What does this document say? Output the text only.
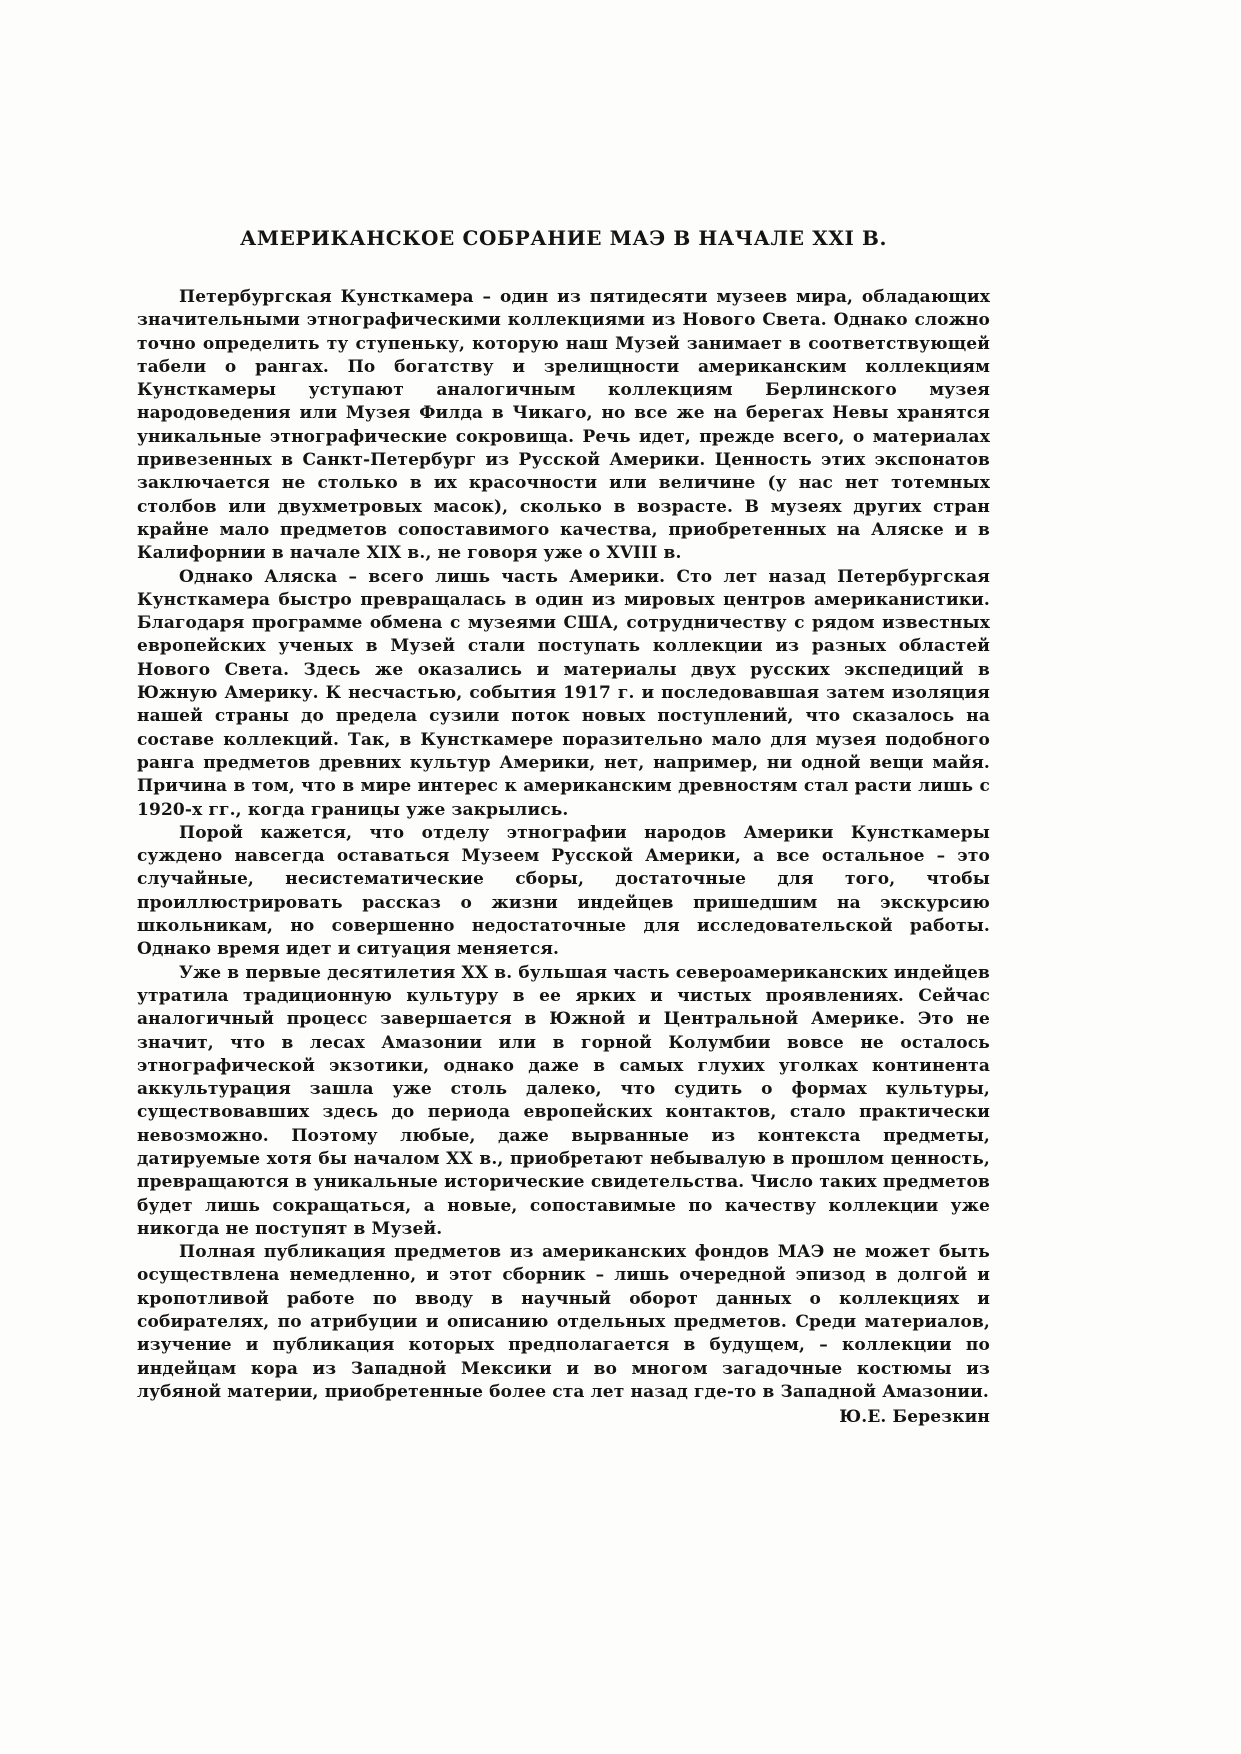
АМЕРИКАНСКОЕ СОБРАНИЕ МАЭ В НАЧАЛЕ XXI В.

Петербургская Кунсткамера – один из пятидесяти музеев мира, обладающих значительными этнографическими коллекциями из Нового Света. Однако сложно точно определить ту ступеньку, которую наш Музей занимает в соответствующей табели о рангах. По богатству и зрелищности американским коллекциям Кунсткамеры уступают аналогичным коллекциям Берлинского музея народоведения или Музея Филда в Чикаго, но все же на берегах Невы хранятся уникальные этнографические сокровища. Речь идет, прежде всего, о материалах привезенных в Санкт-Петербург из Русской Америки. Ценность этих экспонатов заключается не столько в их красочности или величине (у нас нет тотемных столбов или двухметровых масок), сколько в возрасте. В музеях других стран крайне мало предметов сопоставимого качества, приобретенных на Аляске и в Калифорнии в начале XIX в., не говоря уже о XVIII в.

Однако Аляска – всего лишь часть Америки. Сто лет назад Петербургская Кунсткамера быстро превращалась в один из мировых центров американистики. Благодаря программе обмена с музеями США, сотрудничеству с рядом известных европейских ученых в Музей стали поступать коллекции из разных областей Нового Света. Здесь же оказались и материалы двух русских экспедиций в Южную Америку. К несчастью, события 1917 г. и последовавшая затем изоляция нашей страны до предела сузили поток новых поступлений, что сказалось на составе коллекций. Так, в Кунсткамере поразительно мало для музея подобного ранга предметов древних культур Америки, нет, например, ни одной вещи майя. Причина в том, что в мире интерес к американским древностям стал расти лишь с 1920-х гг., когда границы уже закрылись.

Порой кажется, что отделу этнографии народов Америки Кунсткамеры суждено навсегда оставаться Музеем Русской Америки, а все остальное – это случайные, несистематические сборы, достаточные для того, чтобы проиллюстрировать рассказ о жизни индейцев пришедшим на экскурсию школьникам, но совершенно недостаточные для исследовательской работы. Однако время идет и ситуация меняется.

Уже в первые десятилетия XX в. бульшая часть североамериканских индейцев утратила традиционную культуру в ее ярких и чистых проявлениях. Сейчас аналогичный процесс завершается в Южной и Центральной Америке. Это не значит, что в лесах Амазонии или в горной Колумбии вовсе не осталось этнографической экзотики, однако даже в самых глухих уголках континента аккультурация зашла уже столь далеко, что судить о формах культуры, существовавших здесь до периода европейских контактов, стало практически невозможно. Поэтому любые, даже вырванные из контекста предметы, датируемые хотя бы началом XX в., приобретают небывалую в прошлом ценность, превращаются в уникальные исторические свидетельства. Число таких предметов будет лишь сокращаться, а новые, сопоставимые по качеству коллекции уже никогда не поступят в Музей.

Полная публикация предметов из американских фондов МАЭ не может быть осуществлена немедленно, и этот сборник – лишь очередной эпизод в долгой и кропотливой работе по вводу в научный оборот данных о коллекциях и собирателях, по атрибуции и описанию отдельных предметов. Среди материалов, изучение и публикация которых предполагается в будущем, – коллекции по индейцам кора из Западной Мексики и во многом загадочные костюмы из лубяной материи, приобретенные более ста лет назад где-то в Западной Амазонии.

Ю.Е. Березкин
